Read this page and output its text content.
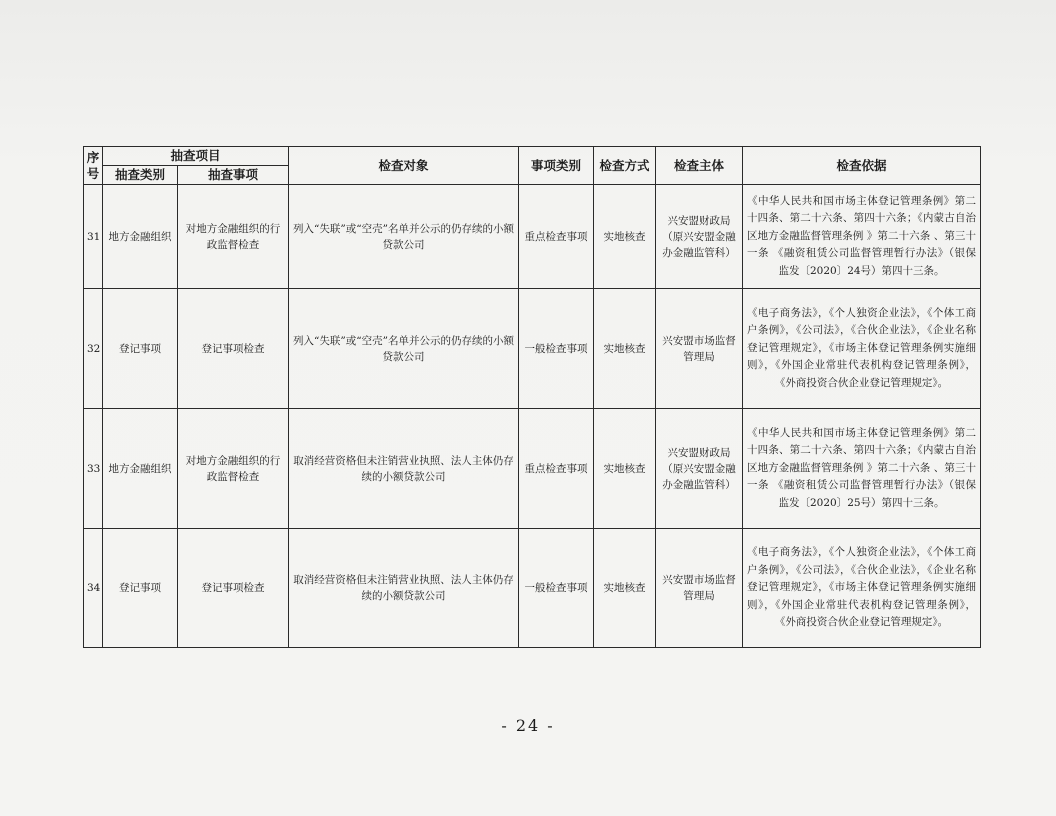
序号	抽查项目		检查对象	事项类别	检查方式	检查主体	检查依据
	抽查类别	抽查事项					
31	地方金融组织	对地方金融组织的行政监督检查	列入“失联”或“空壳”名单并公示的仍存续的小额贷款公司	重点检查事项	实地核查	兴安盟财政局（原兴安盟金融办金融监管科）	《中华人民共和国市场主体登记管理条例》第二十四条、第二十六条、第四十六条；《内蒙古自治区地方金融监督管理条例 》第二十六条 、第三十一条 《融资租赁公司监督管理暂行办法》（银保监发〔2020〕24号）第四十三条。
32	登记事项	登记事项检查	列入“失联”或“空壳”名单并公示的仍存续的小额贷款公司	一般检查事项	实地核查	兴安盟市场监督管理局	《电子商务法》，《个人独资企业法》，《个体工商户条例》，《公司法》，《合伙企业法》，《企业名称登记管理规定》，《市场主体登记管理条例实施细则》，《外国企业常驻代表机构登记管理条例》，《外商投资合伙企业登记管理规定》。
33	地方金融组织	对地方金融组织的行政监督检查	取消经营资格但未注销营业执照、法人主体仍存续的小额贷款公司	重点检查事项	实地核查	兴安盟财政局（原兴安盟金融办金融监管科）	《中华人民共和国市场主体登记管理条例》第二十四条、第二十六条、第四十六条；《内蒙古自治区地方金融监督管理条例 》第二十六条 、第三十一条 《融资租赁公司监督管理暂行办法》（银保监发〔2020〕25号）第四十三条。
34	登记事项	登记事项检查	取消经营资格但未注销营业执照、法人主体仍存续的小额贷款公司	一般检查事项	实地核查	兴安盟市场监督管理局	《电子商务法》，《个人独资企业法》，《个体工商户条例》，《公司法》，《合伙企业法》，《企业名称登记管理规定》，《市场主体登记管理条例实施细则》，《外国企业常驻代表机构登记管理条例》，《外商投资合伙企业登记管理规定》。
- 24 -
